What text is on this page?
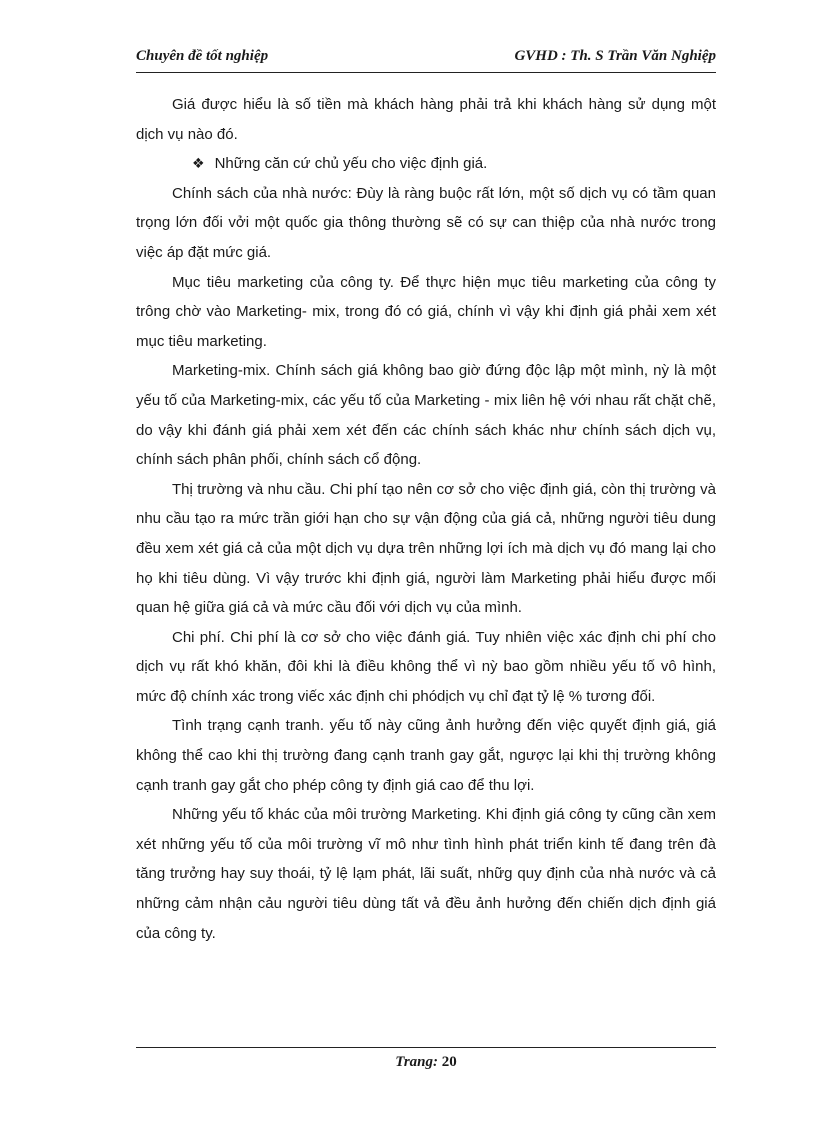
Chuyên đề tốt nghiệp	GVHD : Th. S Trần Văn Nghiệp

Giá được hiểu là số tiền mà khách hàng phải trả khi khách hàng sử dụng một dịch vụ nào đó.

❖ Những căn cứ chủ yếu cho việc định giá.

Chính sách của nhà nước: Đùy là ràng buộc rất lớn, một số dịch vụ có tầm quan trọng lớn đối vởi một quốc gia thông thường sẽ có sự can thiệp của nhà nước trong việc áp đặt mức giá.

Mục tiêu marketing của công ty. Để thực hiện mục tiêu marketing của công ty trông chờ vào Marketing- mix, trong đó có giá, chính vì vậy khi định giá phải xem xét mục tiêu marketing.

Marketing-mix. Chính sách giá không bao giờ đứng độc lập một mình, nỳ là một yếu tố của Marketing-mix, các yếu tố của Marketing - mix liên hệ với nhau rất chặt chẽ, do vậy khi đánh giá phải xem xét đến các chính sách khác như chính sách dịch vụ, chính sách phân phối, chính sách cổ động.

Thị trường và nhu cầu. Chi phí tạo nên cơ sở cho việc định giá, còn thị trường và nhu cầu tạo ra mức trần giới hạn cho sự vận động của giá cả, những người tiêu dung đều xem xét giá cả của một dịch vụ dựa trên những lợi ích mà dịch vụ đó mang lại cho họ khi tiêu dùng. Vì vậy trước khi định giá, người làm Marketing phải hiểu được mối quan hệ giữa giá cả và mức cầu đối với dịch vụ của mình.

Chi phí. Chi phí là cơ sở cho việc đánh giá. Tuy nhiên việc xác định chi phí cho dịch vụ rất khó khăn, đôi khi là điều không thể vì nỳ bao gồm nhiều yếu tố vô hình, mức độ chính xác trong viếc xác định chi phódịch vụ chỉ đạt tỷ lệ % tương đối.

Tình trạng cạnh tranh. yếu tố này cũng ảnh hưởng đến việc quyết định giá, giá không thể cao khi thị trường đang cạnh tranh gay gắt, ngược lại khi thị trường không cạnh tranh gay gắt cho phép công ty định giá cao để thu lợi.

Những yếu tố khác của môi trường Marketing. Khi định giá công ty cũng cần xem xét những yếu tố của môi trường vĩ mô như tình hình phát triển kinh tế đang trên đà tăng trưởng hay suy thoái, tỷ lệ lạm phát, lãi suất, nhữg quy định của nhà nước và cả những cảm nhận cảu người tiêu dùng tất vả đều ảnh hưởng đến chiến dịch định giá của công ty.

Trang: 20
